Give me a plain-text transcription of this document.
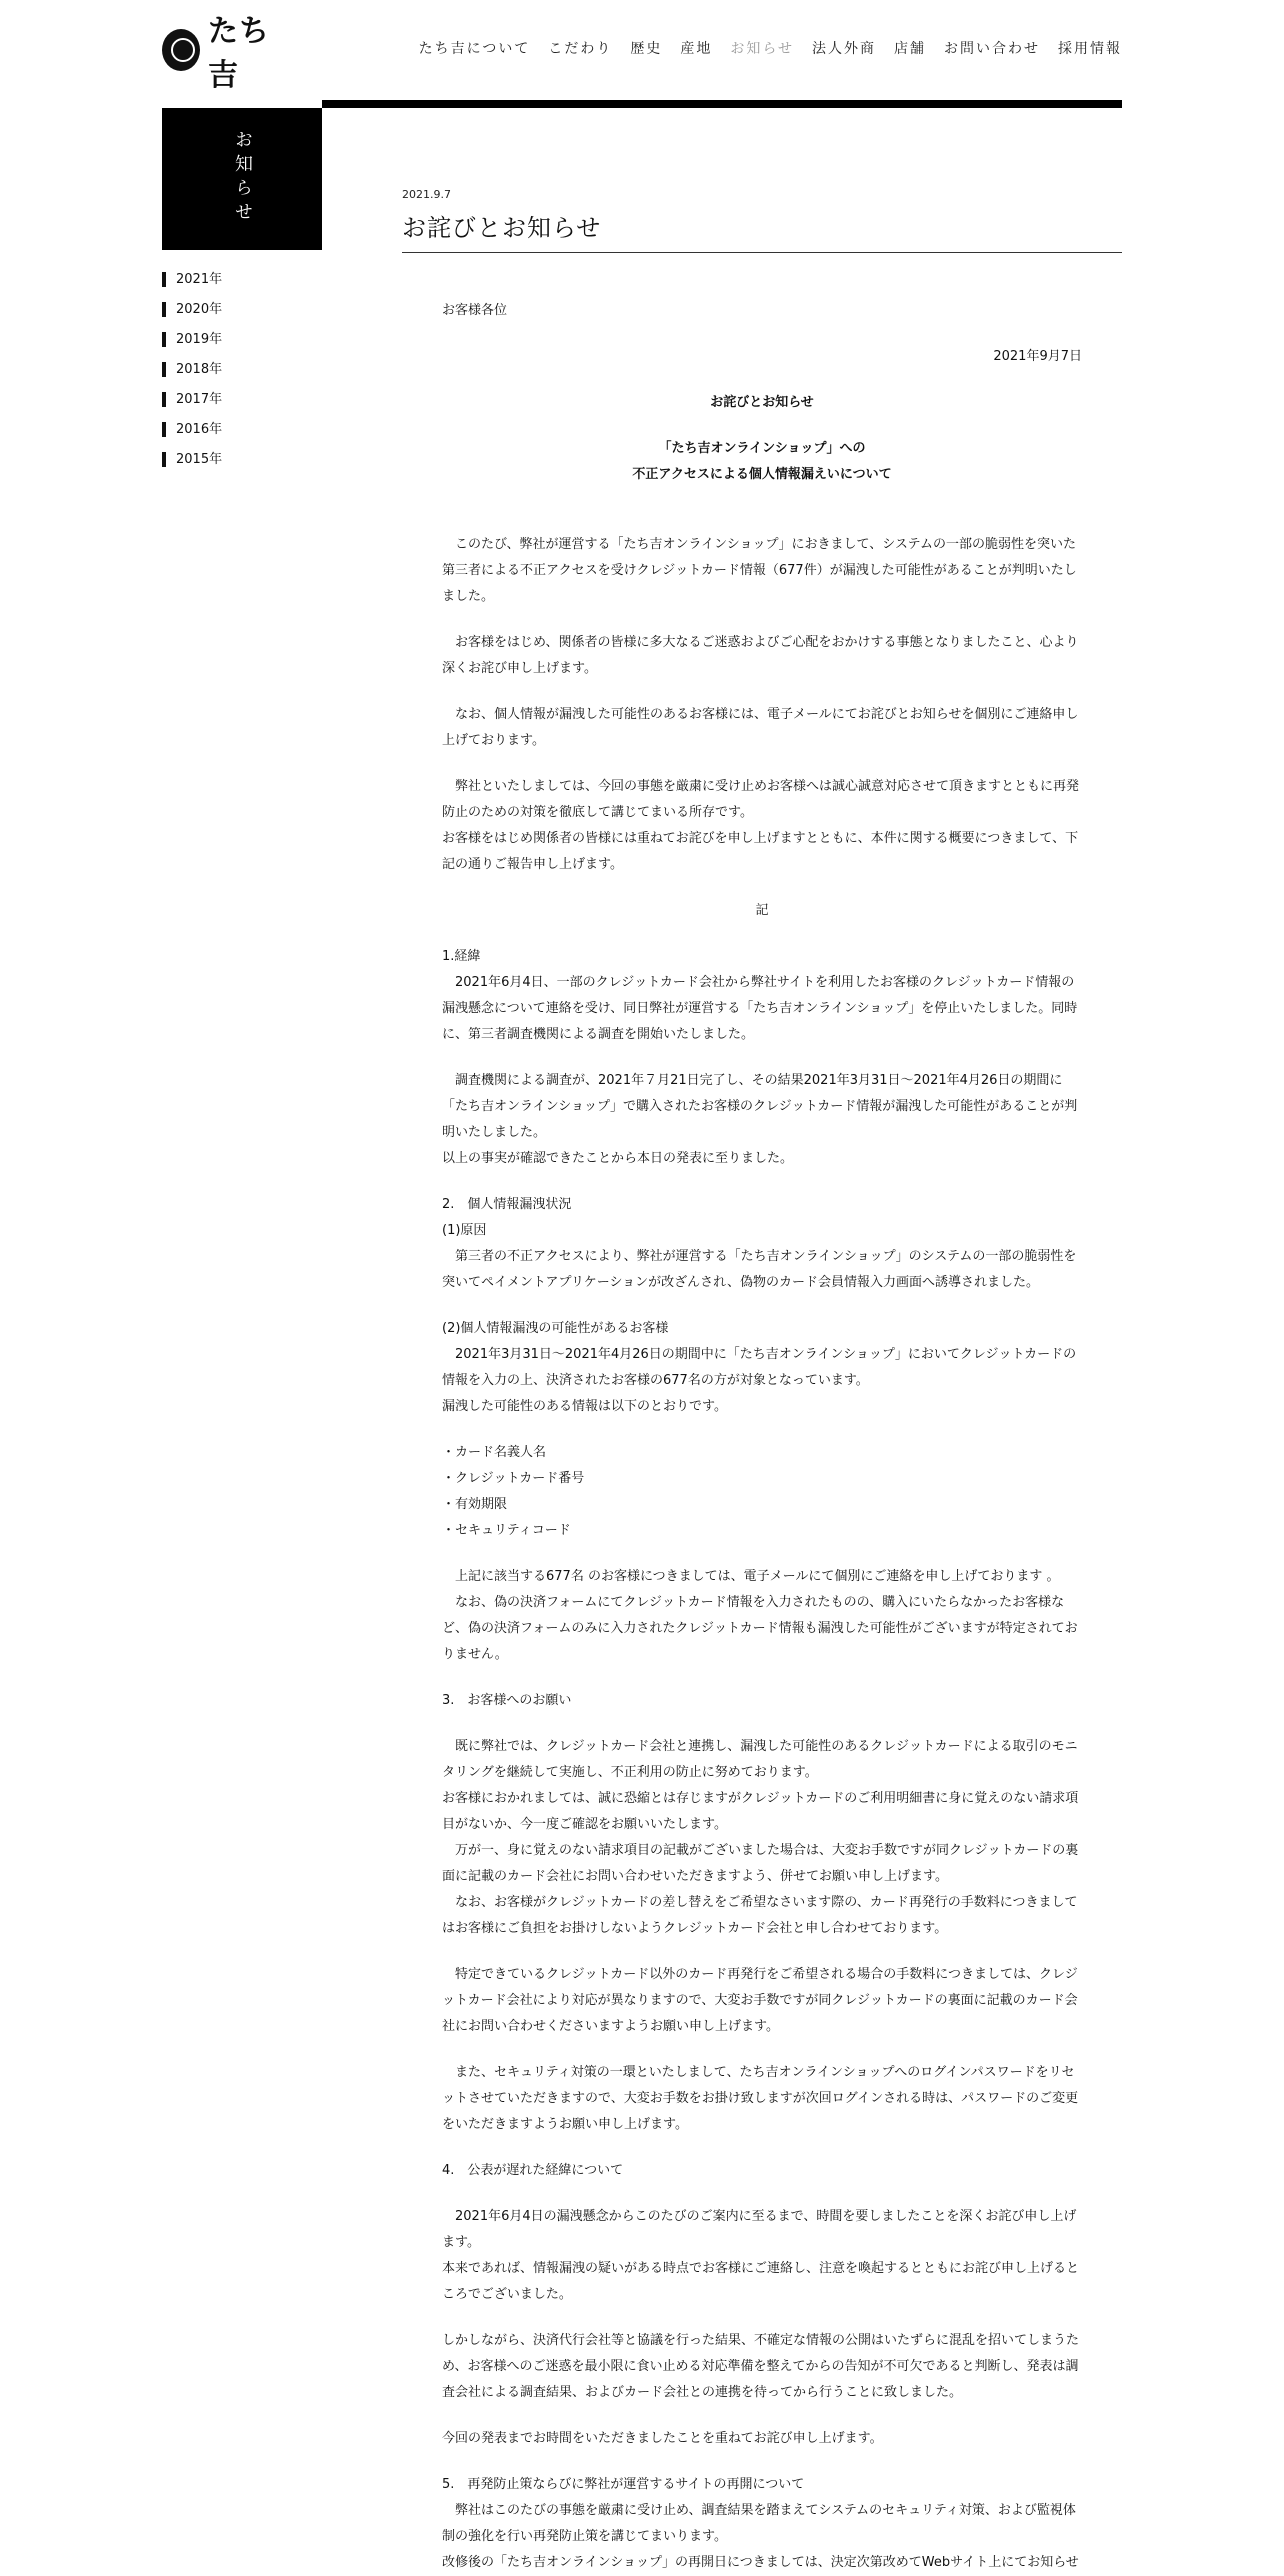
たち吉
たち吉について こだわり 歴史 産地 お知らせ 法人外商 店舗 お問い合わせ 採用情報
お知らせ
2021年
2020年
2019年
2018年
2017年
2016年
2015年
2021.9.7
お詫びとお知らせ

お客様各位

2021年9月7日

お詫びとお知らせ

「たち吉オンラインショップ」への

不正アクセスによる個人情報漏えいについて

　このたび、弊社が運営する「たち吉オンラインショップ」におきまして、システムの一部の脆弱性を突いた第三者による不正アクセスを受けクレジットカード情報（677件）が漏洩した可能性があることが判明いたしました。

　お客様をはじめ、関係者の皆様に多大なるご迷惑およびご心配をおかけする事態となりましたこと、心より深くお詫び申し上げます。

　なお、個人情報が漏洩した可能性のあるお客様には、電子メールにてお詫びとお知らせを個別にご連絡申し上げております。

　弊社といたしましては、今回の事態を厳粛に受け止めお客様へは誠心誠意対応させて頂きますとともに再発防止のための対策を徹底して講じてまいる所存です。

お客様をはじめ関係者の皆様には重ねてお詫びを申し上げますとともに、本件に関する概要につきまして、下記の通りご報告申し上げます。

記

1.経緯

　2021年6月4日、一部のクレジットカード会社から弊社サイトを利用したお客様のクレジットカード情報の漏洩懸念について連絡を受け、同日弊社が運営する「たち吉オンラインショップ」を停止いたしました。同時に、第三者調査機関による調査を開始いたしました。

　調査機関による調査が、2021年７月21日完了し、その結果2021年3月31日～2021年4月26日の期間に「たち吉オンラインショップ」で購入されたお客様のクレジットカード情報が漏洩した可能性があることが判明いたしました。

以上の事実が確認できたことから本日の発表に至りました。

2.　個人情報漏洩状況

(1)原因

　第三者の不正アクセスにより、弊社が運営する「たち吉オンラインショップ」のシステムの一部の脆弱性を突いてペイメントアプリケーションが改ざんされ、偽物のカード会員情報入力画面へ誘導されました。

(2)個人情報漏洩の可能性があるお客様

　2021年3月31日～2021年4月26日の期間中に「たち吉オンラインショップ」においてクレジットカードの情報を入力の上、決済されたお客様の677名の方が対象となっています。

漏洩した可能性のある情報は以下のとおりです。

・カード名義人名

・クレジットカード番号

・有効期限

・セキュリティコード

　上記に該当する677名 のお客様につきましては、電子メールにて個別にご連絡を申し上げております 。

　なお、偽の決済フォームにてクレジットカード情報を入力されたものの、購入にいたらなかったお客様など、偽の決済フォームのみに入力されたクレジットカード情報も漏洩した可能性がございますが特定されておりません。

3.　お客様へのお願い

　既に弊社では、クレジットカード会社と連携し、漏洩した可能性のあるクレジットカードによる取引のモニタリングを継続して実施し、不正利用の防止に努めております。

お客様におかれましては、誠に恐縮とは存じますがクレジットカードのご利用明細書に身に覚えのない請求項目がないか、今一度ご確認をお願いいたします。

　万が一、身に覚えのない請求項目の記載がございました場合は、大変お手数ですが同クレジットカードの裏面に記載のカード会社にお問い合わせいただきますよう、併せてお願い申し上げます。

　なお、お客様がクレジットカードの差し替えをご希望なさいます際の、カード再発行の手数料につきましてはお客様にご負担をお掛けしないようクレジットカード会社と申し合わせております。

　特定できているクレジットカード以外のカード再発行をご希望される場合の手数料につきましては、クレジットカード会社により対応が異なりますので、大変お手数ですが同クレジットカードの裏面に記載のカード会社にお問い合わせくださいますようお願い申し上げます。

　また、セキュリティ対策の一環といたしまして、たち吉オンラインショップへのログインパスワードをリセットさせていただきますので、大変お手数をお掛け致しますが次回ログインされる時は、パスワードのご変更をいただきますようお願い申し上げます。

4.　公表が遅れた経緯について

　2021年6月4日の漏洩懸念からこのたびのご案内に至るまで、時間を要しましたことを深くお詫び申し上げます。

本来であれば、情報漏洩の疑いがある時点でお客様にご連絡し、注意を喚起するとともにお詫び申し上げるところでございました。

しかしながら、決済代行会社等と協議を行った結果、不確定な情報の公開はいたずらに混乱を招いてしまうため、お客様へのご迷惑を最小限に食い止める対応準備を整えてからの告知が不可欠であると判断し、発表は調査会社による調査結果、およびカード会社との連携を待ってから行うことに致しました。

今回の発表までお時間をいただきましたことを重ねてお詫び申し上げます。

5.　再発防止策ならびに弊社が運営するサイトの再開について

　弊社はこのたびの事態を厳粛に受け止め、調査結果を踏まえてシステムのセキュリティ対策、および監視体制の強化を行い再発防止策を講じてまいります。

改修後の「たち吉オンラインショップ」の再開日につきましては、決定次第改めてWebサイト上にてお知らせ
